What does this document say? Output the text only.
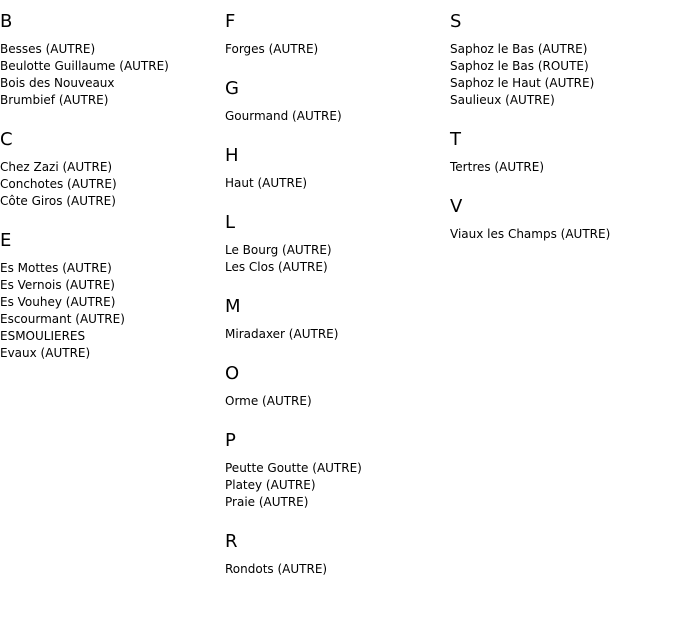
B
Besses (AUTRE)
Beulotte Guillaume (AUTRE)
Bois des Nouveaux
Brumbief (AUTRE)
C
Chez Zazi (AUTRE)
Conchotes (AUTRE)
Côte Giros (AUTRE)
E
Es Mottes (AUTRE)
Es Vernois (AUTRE)
Es Vouhey (AUTRE)
Escourmant (AUTRE)
ESMOULIERES
Evaux (AUTRE)
F
Forges (AUTRE)
G
Gourmand (AUTRE)
H
Haut (AUTRE)
L
Le Bourg (AUTRE)
Les Clos (AUTRE)
M
Miradaxer (AUTRE)
O
Orme (AUTRE)
P
Peutte Goutte (AUTRE)
Platey (AUTRE)
Praie (AUTRE)
R
Rondots (AUTRE)
S
Saphoz le Bas (AUTRE)
Saphoz le Bas (ROUTE)
Saphoz le Haut (AUTRE)
Saulieux (AUTRE)
T
Tertres (AUTRE)
V
Viaux les Champs (AUTRE)
